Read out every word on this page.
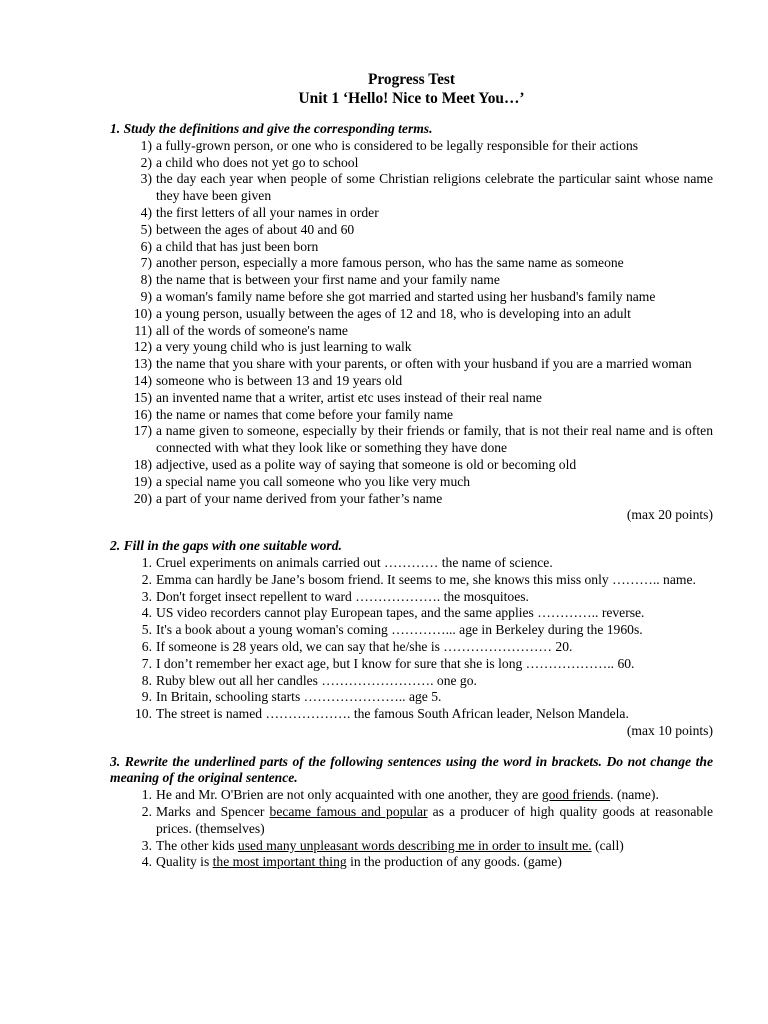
Progress Test
Unit 1 ‘Hello! Nice to Meet You…’
1. Study the definitions and give the corresponding terms.
1) a fully-grown person, or one who is considered to be legally responsible for their actions
2) a child who does not yet go to school
3) the day each year when people of some Christian religions celebrate the particular saint whose name they have been given
4) the first letters of all your names in order
5) between the ages of about 40 and 60
6) a child that has just been born
7) another person, especially a more famous person, who has the same name as someone
8) the name that is between your first name and your family name
9) a woman's family name before she got married and started using her husband's family name
10) a young person, usually between the ages of 12 and 18, who is developing into an adult
11) all of the words of someone's name
12) a very young child who is just learning to walk
13) the name that you share with your parents, or often with your husband if you are a married woman
14) someone who is between 13 and 19 years old
15) an invented name that a writer, artist etc uses instead of their real name
16) the name or names that come before your family name
17) a name given to someone, especially by their friends or family, that is not their real name and is often connected with what they look like or something they have done
18) adjective, used as a polite way of saying that someone is old or becoming old
19) a special name you call someone who you like very much
20) a part of your name derived from your father’s name
(max 20 points)
2. Fill in the gaps with one suitable word.
1. Cruel experiments on animals carried out ………… the name of science.
2. Emma can hardly be Jane’s bosom friend. It seems to me, she knows this miss only ……….. name.
3. Don't forget insect repellent to ward ………………. the mosquitoes.
4. US video recorders cannot play European tapes, and the same applies ………….. reverse.
5. It's a book about a young woman's coming …………... age in Berkeley during the 1960s.
6. If someone is 28 years old, we can say that he/she is …………………… 20.
7. I don’t remember her exact age, but I know for sure that she is long ……………….. 60.
8. Ruby blew out all her candles ……………………. one go.
9. In Britain, schooling starts ………………….. age 5.
10. The street is named ………………. the famous South African leader, Nelson Mandela.
(max 10 points)
3. Rewrite the underlined parts of the following sentences using the word in brackets. Do not change the meaning of the original sentence.
1. He and Mr. O'Brien are not only acquainted with one another, they are good friends. (name).
2. Marks and Spencer became famous and popular as a producer of high quality goods at reasonable prices. (themselves)
3. The other kids used many unpleasant words describing me in order to insult me. (call)
4. Quality is the most important thing in the production of any goods. (game)
